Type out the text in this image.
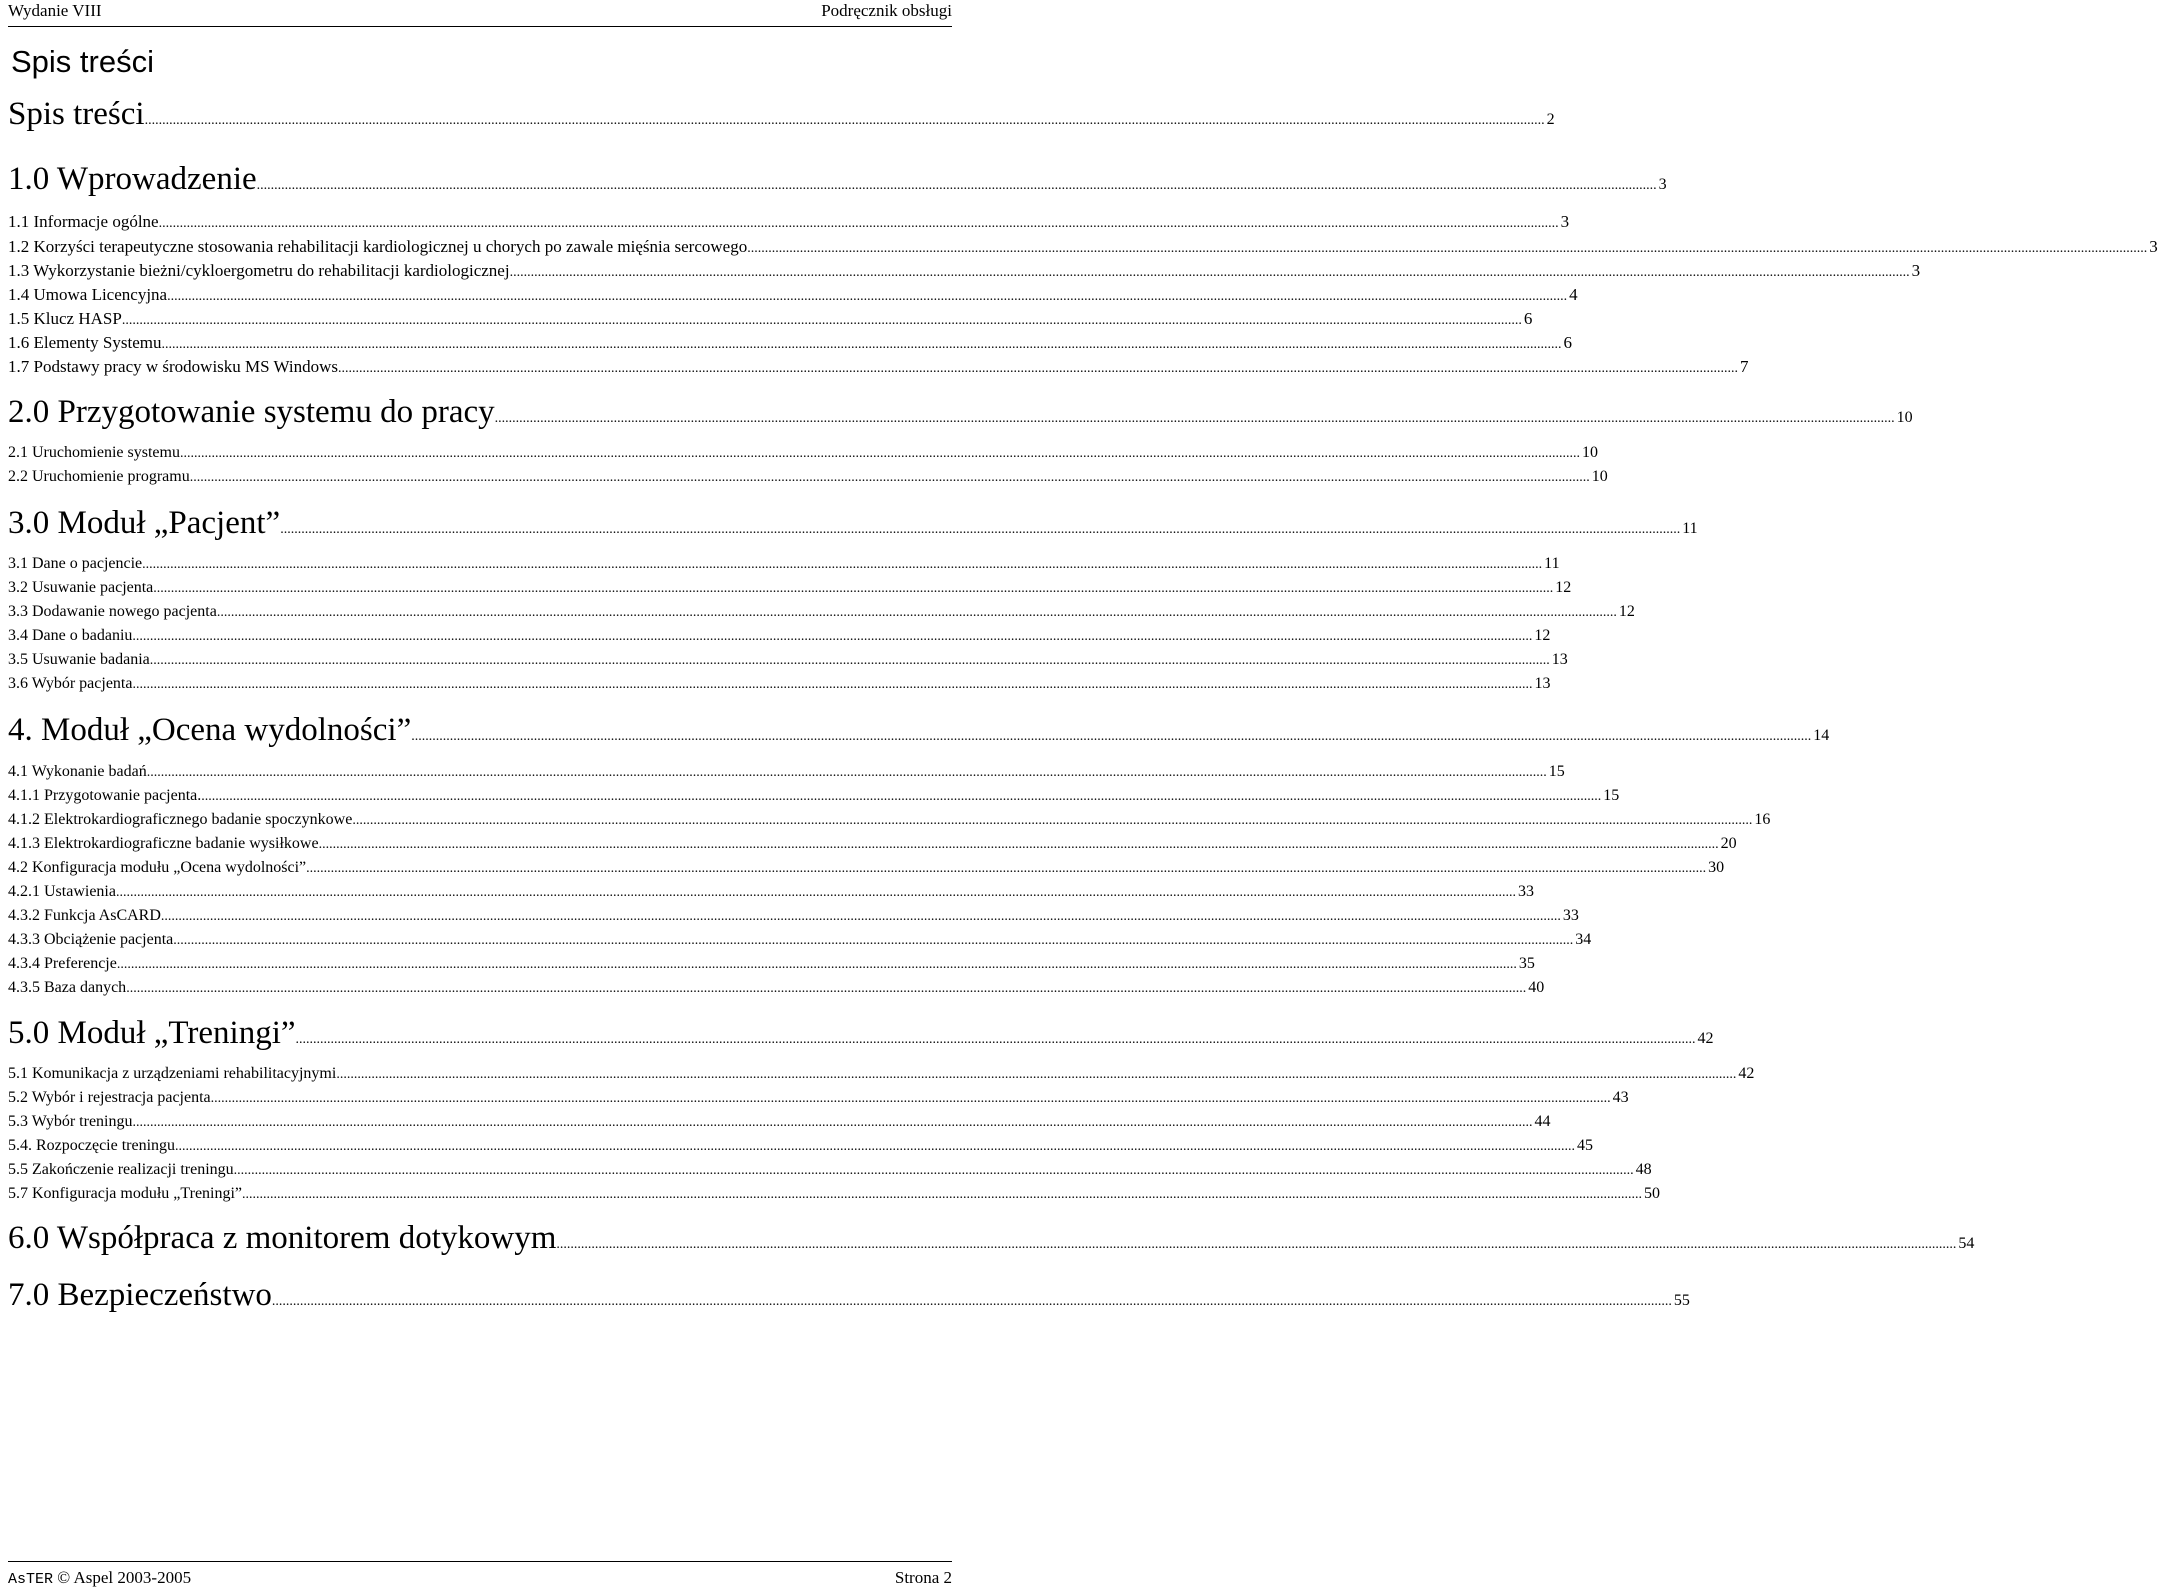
Wydanie VIII	Podręcznik obsługi
Spis treści
Spis treści ................................................................................................................................................................................................................................................................................................................................................................................................................ 2
1.0 Wprowadzenie ................................................................................................................................................................................................................................................................................................................................................................................................................ 3
1.1 Informacje ogólne ................................................................................................................................................................................................................................................................................................................................................................................................................ 3
1.2 Korzyści terapeutyczne stosowania rehabilitacji kardiologicznej u chorych po zawale mięśnia sercowego ................................................................................................................................................................................................................................................................................................................................................................................................................ 3
1.3 Wykorzystanie bieżni/cykloergometru do rehabilitacji kardiologicznej ................................................................................................................................................................................................................................................................................................................................................................................................................ 3
1.4 Umowa Licencyjna ................................................................................................................................................................................................................................................................................................................................................................................................................ 4
1.5 Klucz HASP ................................................................................................................................................................................................................................................................................................................................................................................................................ 6
1.6 Elementy Systemu ................................................................................................................................................................................................................................................................................................................................................................................................................ 6
1.7 Podstawy pracy w środowisku MS Windows ................................................................................................................................................................................................................................................................................................................................................................................................................ 7
2.0 Przygotowanie systemu do pracy ................................................................................................................................................................................................................................................................................................................................................................................................................ 10
2.1 Uruchomienie systemu ................................................................................................................................................................................................................................................................................................................................................................................................................ 10
2.2 Uruchomienie programu ................................................................................................................................................................................................................................................................................................................................................................................................................ 10
3.0 Moduł „Pacjent” ................................................................................................................................................................................................................................................................................................................................................................................................................ 11
3.1 Dane o pacjencie ................................................................................................................................................................................................................................................................................................................................................................................................................ 11
3.2 Usuwanie pacjenta ................................................................................................................................................................................................................................................................................................................................................................................................................ 12
3.3 Dodawanie nowego pacjenta ................................................................................................................................................................................................................................................................................................................................................................................................................ 12
3.4 Dane o badaniu ................................................................................................................................................................................................................................................................................................................................................................................................................ 12
3.5 Usuwanie badania ................................................................................................................................................................................................................................................................................................................................................................................................................ 13
3.6 Wybór pacjenta ................................................................................................................................................................................................................................................................................................................................................................................................................ 13
4. Moduł „Ocena wydolności” ................................................................................................................................................................................................................................................................................................................................................................................................................ 14
4.1 Wykonanie badań ................................................................................................................................................................................................................................................................................................................................................................................................................ 15
4.1.1 Przygotowanie pacjenta. ................................................................................................................................................................................................................................................................................................................................................................................................................ 15
4.1.2 Elektrokardiograficznego badanie spoczynkowe ................................................................................................................................................................................................................................................................................................................................................................................................................ 16
4.1.3 Elektrokardiograficzne badanie wysiłkowe ................................................................................................................................................................................................................................................................................................................................................................................................................ 20
4.2 Konfiguracja modułu „Ocena wydolności” ................................................................................................................................................................................................................................................................................................................................................................................................................ 30
4.2.1 Ustawienia ................................................................................................................................................................................................................................................................................................................................................................................................................ 33
4.3.2 Funkcja AsCARD ................................................................................................................................................................................................................................................................................................................................................................................................................ 33
4.3.3 Obciążenie pacjenta ................................................................................................................................................................................................................................................................................................................................................................................................................ 34
4.3.4 Preferencje ................................................................................................................................................................................................................................................................................................................................................................................................................ 35
4.3.5 Baza danych ................................................................................................................................................................................................................................................................................................................................................................................................................ 40
5.0 Moduł „Treningi” ................................................................................................................................................................................................................................................................................................................................................................................................................ 42
5.1 Komunikacja z urządzeniami rehabilitacyjnymi ................................................................................................................................................................................................................................................................................................................................................................................................................ 42
5.2 Wybór i rejestracja pacjenta ................................................................................................................................................................................................................................................................................................................................................................................................................ 43
5.3 Wybór treningu ................................................................................................................................................................................................................................................................................................................................................................................................................ 44
5.4. Rozpoczęcie treningu ................................................................................................................................................................................................................................................................................................................................................................................................................ 45
5.5 Zakończenie realizacji treningu ................................................................................................................................................................................................................................................................................................................................................................................................................ 48
5.7 Konfiguracja modułu „Treningi” ................................................................................................................................................................................................................................................................................................................................................................................................................ 50
6.0 Współpraca z monitorem dotykowym ................................................................................................................................................................................................................................................................................................................................................................................................................ 54
7.0 Bezpieczeństwo ................................................................................................................................................................................................................................................................................................................................................................................................................ 55
AsTER © Aspel 2003-2005	Strona 2
